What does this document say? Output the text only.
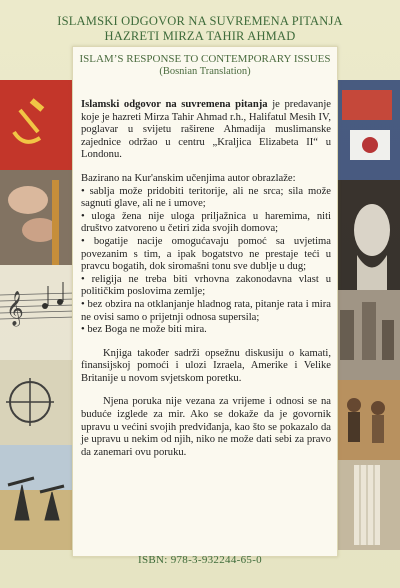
ISLAMSKI ODGOVOR NA SUVREMENA PITANJA
HAZRETI MIRZA TAHIR AHMAD
𝄞
ISLAM’S RESPONSE TO CONTEMPORARY ISSUES
(Bosnian Translation)

Islamski odgovor na suvremena pitanja je predavanje koje je hazreti Mirza Tahir Ahmad r.h., Halifatul Mesih IV, poglavar u svijetu raširene Ahmadija muslimanske zajednice održao u centru „Kraljica Elizabeta II“ u Londonu.

Bazirano na Kur'anskim učenjima autor obrazlaže:
• sablja može pridobiti teritorije, ali ne srca; sila može sagnuti glave, ali ne i umove;
• uloga žena nije uloga priljažnica u haremima, niti društvo zatvoreno u četiri zida svojih domova;
• bogatije nacije omogućavaju pomoć sa uvjetima povezanim s tim, a ipak bogatstvo ne prestaje teći u pravcu bogatih, dok siromašni tonu sve dublje u dug;
• religija ne treba biti vrhovna zakonodavna vlast u političkim poslovima zemlje;
• bez obzira na otklanjanje hladnog rata, pitanje rata i mira ne ovisi samo o prijetnji odnosa supersila;
• bez Boga ne može biti mira.

Knjiga također sadrži opsežnu diskusiju o kamati, finansijskoj pomoći i ulozi Izraela, Amerike i Velike Britanije u novom svjetskom poretku.

Njena poruka nije vezana za vrijeme i odnosi se na buduće izglede za mir. Ako se dokaže da je govornik upravu u većini svojih predviđanja, kao što se pokazalo da je upravu u nekim od njih, niko ne može dati sebi za pravo da zanemari ovu poruku.

ISBN: 978-3-932244-65-0
